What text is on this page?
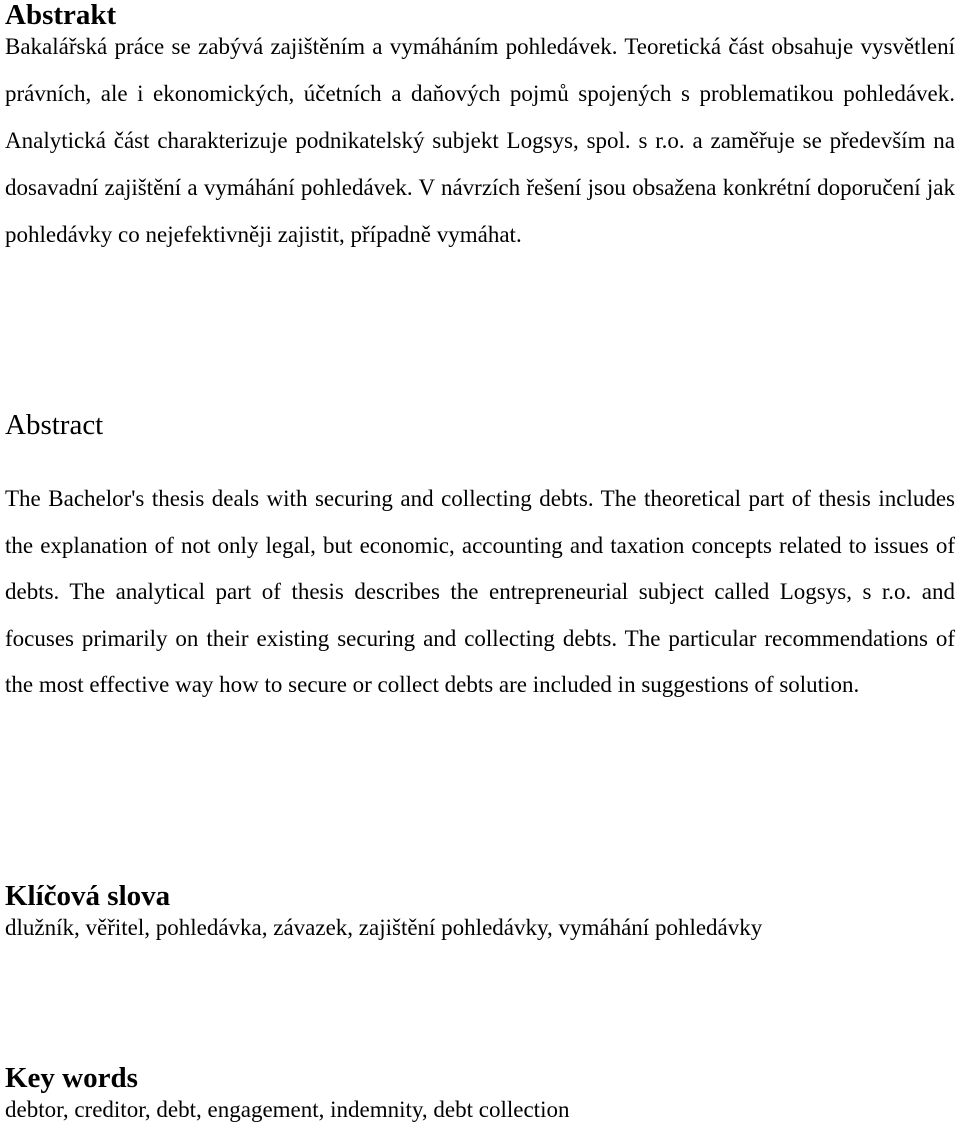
Abstrakt

Bakalářská práce se zabývá zajištěním a vymáháním pohledávek. Teoretická část obsahuje vysvětlení právních, ale i ekonomických, účetních a daňových pojmů spojených s problematikou pohledávek. Analytická část charakterizuje podnikatelský subjekt Logsys, spol. s r.o. a zaměřuje se především na dosavadní zajištění a vymáhání pohledávek. V návrzích řešení jsou obsažena konkrétní doporučení jak pohledávky co nejefektivněji zajistit, případně vymáhat.

Abstract

The Bachelor's thesis deals with securing and collecting debts. The theoretical part of thesis includes the explanation of not only legal, but economic, accounting and taxation concepts related to issues of debts. The analytical part of thesis describes the entrepreneurial subject called Logsys, s r.o. and focuses primarily on their existing securing and collecting debts. The particular recommendations of the most effective way how to secure or collect debts are included in suggestions of solution.

Klíčová slova

dlužník, věřitel, pohledávka, závazek, zajištění pohledávky, vymáhání pohledávky

Key words

debtor, creditor, debt, engagement, indemnity, debt collection
